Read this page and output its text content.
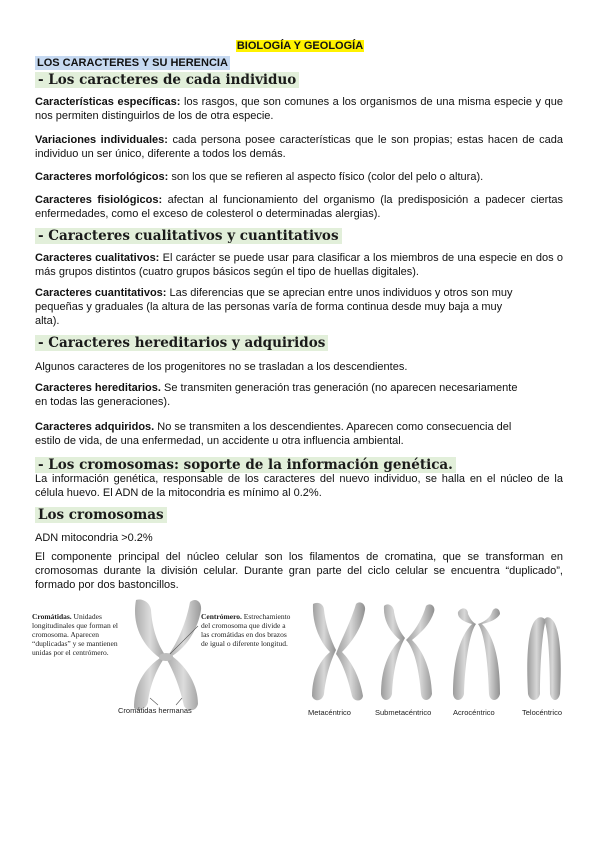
BIOLOGÍA Y GEOLOGÍA
LOS CARACTERES Y SU HERENCIA
- Los caracteres de cada individuo
Características específicas: los rasgos, que son comunes a los organismos de una misma especie y que nos permiten distinguirlos de los de otra especie.
Variaciones individuales: cada persona posee características que le son propias; estas hacen de cada individuo un ser único, diferente a todos los demás.
Caracteres morfológicos: son los que se refieren al aspecto físico (color del pelo o altura).
Caracteres fisiológicos: afectan al funcionamiento del organismo (la predisposición a padecer ciertas enfermedades, como el exceso de colesterol o determinadas alergias).
- Caracteres cualitativos y cuantitativos
Caracteres cualitativos: El carácter se puede usar para clasificar a los miembros de una especie en dos o más grupos distintos (cuatro grupos básicos según el tipo de huellas digitales).
Caracteres cuantitativos: Las diferencias que se aprecian entre unos individuos y otros son muy pequeñas y graduales (la altura de las personas varía de forma continua desde muy baja a muy alta).
- Caracteres hereditarios y adquiridos
Algunos caracteres de los progenitores no se trasladan a los descendientes.
Caracteres hereditarios. Se transmiten generación tras generación (no aparecen necesariamente en todas las generaciones).
Caracteres adquiridos. No se transmiten a los descendientes. Aparecen como consecuencia del estilo de vida, de una enfermedad, un accidente u otra influencia ambiental.
- Los cromosomas: soporte de la información genética.
La información genética, responsable de los caracteres del nuevo individuo, se halla en el núcleo de la célula huevo. El ADN de la mitocondria es mínimo al 0.2%.
Los cromosomas
ADN mitocondria >0.2%
El componente principal del núcleo celular son los filamentos de cromatina, que se transforman en cromosomas durante la división celular. Durante gran parte del ciclo celular se encuentra “duplicado”, formado por dos bastoncillos.
Cromátidas. Unidades longitudinales que forman el cromosoma. Aparecen “duplicadas” y se mantienen unidas por el centrómero.
Centrómero. Estrechamiento del cromosoma que divide a las cromátidas en dos brazos de igual o diferente longitud.
Cromátidas hermanas	Metacéntrico	Submetacéntrico	Acrocéntrico	Telocéntrico
